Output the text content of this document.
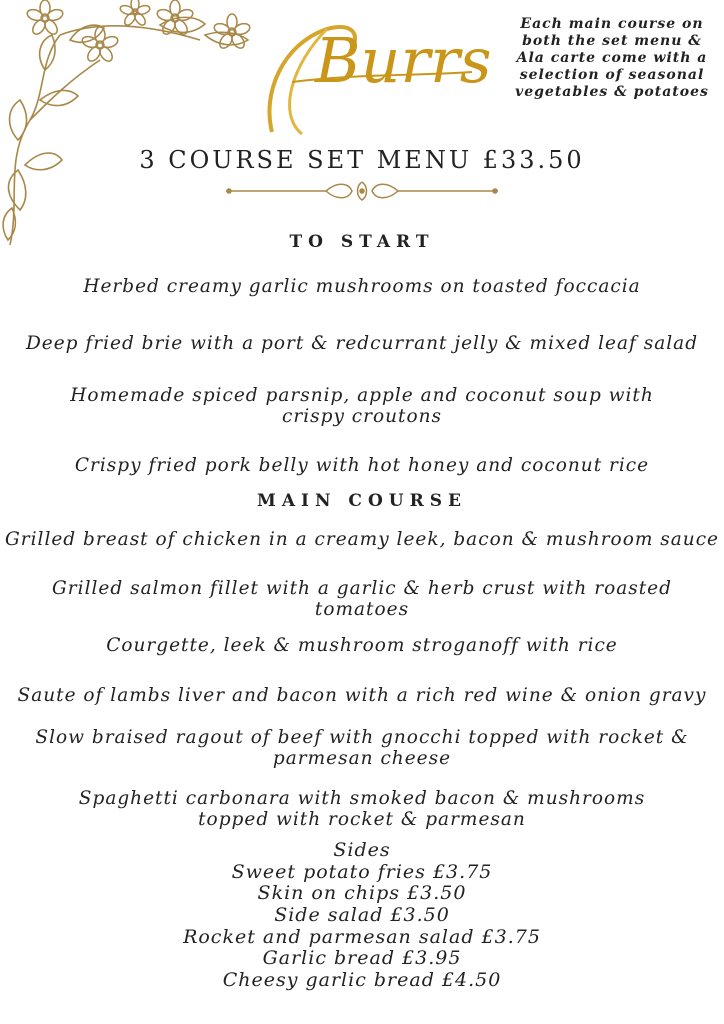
Burrs	Each main course on both the set menu & Ala carte come with a selection of seasonal vegetables & potatoes
3 COURSE SET MENU £33.50
TO START
Herbed creamy garlic mushrooms on toasted foccacia
Deep fried brie with a port & redcurrant jelly & mixed leaf salad
Homemade spiced parsnip, apple and coconut soup with
crispy croutons
Crispy fried pork belly with hot honey and coconut rice
MAIN COURSE
Grilled breast of chicken in a creamy leek, bacon & mushroom sauce
Grilled salmon fillet with a garlic & herb crust with roasted
tomatoes
Courgette, leek & mushroom stroganoff with rice
Saute of lambs liver and bacon with a rich red wine & onion gravy
Slow braised ragout of beef with gnocchi topped with rocket &
parmesan cheese
Spaghetti carbonara with smoked bacon & mushrooms
topped with rocket & parmesan
Sides
Sweet potato fries £3.75
Skin on chips £3.50
Side salad £3.50
Rocket and parmesan salad £3.75
Garlic bread £3.95
Cheesy garlic bread £4.50
